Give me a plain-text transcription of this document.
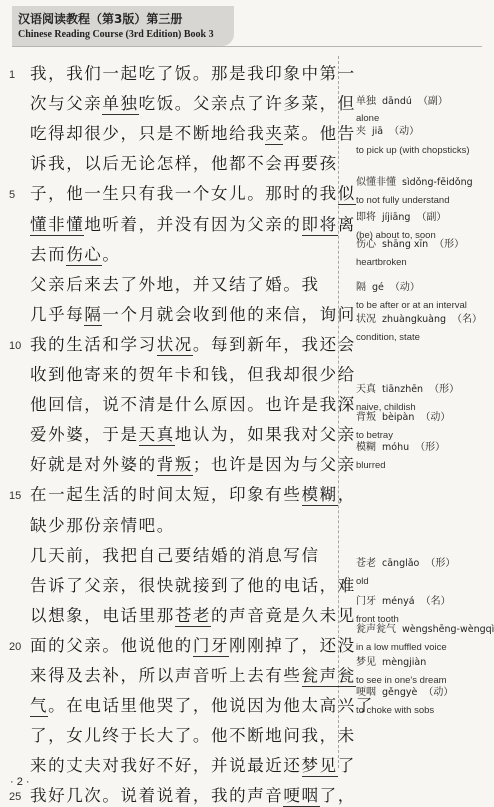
汉语阅读教程（第3版）第三册
Chinese Reading Course (3rd Edition) Book 3
我，我们一起吃了饭。那是我印象中第一
次与父亲单独吃饭。父亲点了许多菜，但
吃得却很少，只是不断地给我夹菜。他告
诉我，以后无论怎样，他都不会再要孩
子，他一生只有我一个女儿。那时的我似
懂非懂地听着，并没有因为父亲的即将离
去而伤心。
父亲后来去了外地，并又结了婚。我
几乎每隔一个月就会收到他的来信，询问
我的生活和学习状况。每到新年，我还会
收到他寄来的贺年卡和钱，但我却很少给
他回信，说不清是什么原因。也许是我深
爱外婆，于是天真地认为，如果我对父亲
好就是对外婆的背叛；也许是因为与父亲
在一起生活的时间太短，印象有些模糊，
缺少那份亲情吧。
几天前，我把自己要结婚的消息写信
告诉了父亲，很快就接到了他的电话，难
以想象，电话里那苍老的声音竟是久未见
面的父亲。他说他的门牙刚刚掉了，还没
来得及去补，所以声音听上去有些瓮声瓮
气。在电话里他哭了，他说因为他太高兴了
了，女儿终于长大了。他不断地问我，未
来的丈夫对我好不好，并说最近还梦见了
我好几次。说着说着，我的声音哽咽了，
1
5
10
15
20
25
单独 dāndú （副）
alone
夹 jiā （动）
to pick up (with chopsticks)
似懂非懂 sìdǒng-fēidǒng
to not fully understand
即将 jíjiāng （副）
(be) about to, soon
伤心 shāng xīn （形）
heartbroken
隔 gé （动）
to be after or at an interval
状况 zhuàngkuàng （名）
condition, state
天真 tiānzhēn （形）
naive, childish
背叛 bèipàn （动）
to betray
模糊 móhu （形）
blurred
苍老 cānglǎo （形）
old
门牙 ményá （名）
front tooth
瓮声瓮气 wèngshēng-wèngqì
in a low muffled voice
梦见 mèngjiàn
to see in one's dream
哽咽 gěngyè （动）
to choke with sobs
· 2 ·
